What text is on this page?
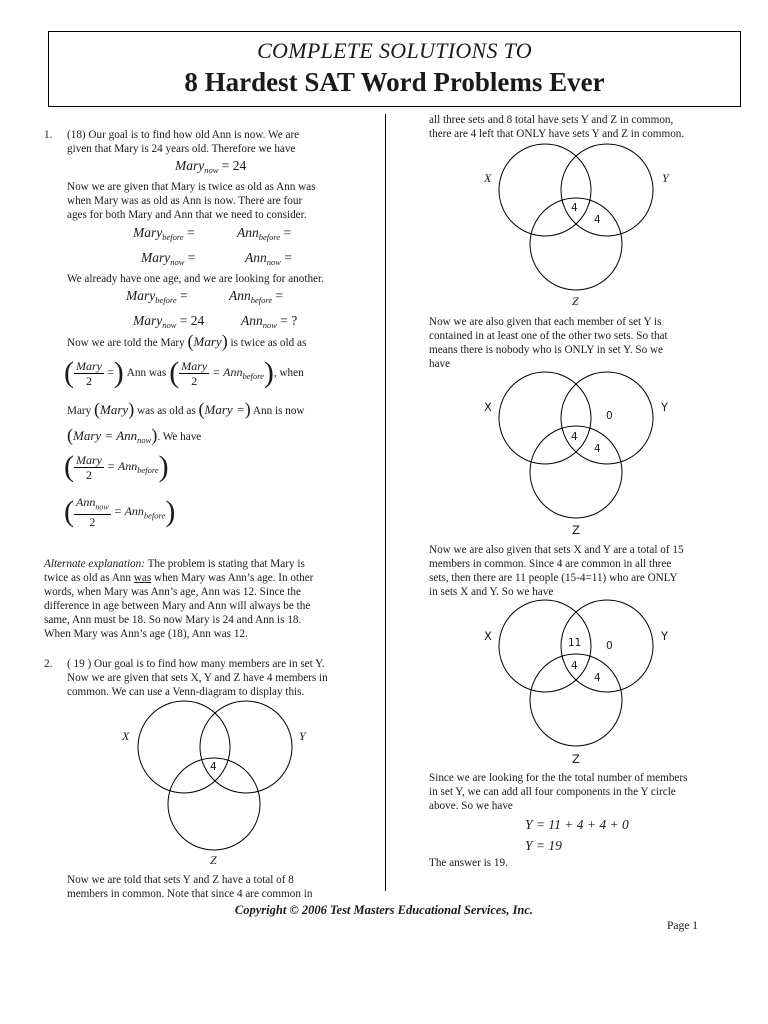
COMPLETE SOLUTIONS TO
8 Hardest SAT Word Problems Ever
1. (18) Our goal is to find how old Ann is now. We are
given that Mary is 24 years old. Therefore we have
Mary$_{now}$ = 24
Now we are given that Mary is twice as old as Ann was
when Mary was as old as Ann is now. There are four
ages for both Mary and Ann that we need to consider.
Mary$_{before}$ =	Ann$_{before}$ =
Mary$_{now}$ =	Ann$_{now}$ =
We already have one age, and we are looking for another.
Mary$_{before}$ =	Ann$_{before}$ =
Mary$_{now}$ = 24	Ann$_{now}$ = ?
Now we are told the Mary (Mary) is twice as old as
( $\frac{\text{Mary}}{2}$ =) Ann was ( $\frac{\text{Mary}}{2} = Ann_{before}$), when
Mary (Mary) was as old as (Mary =) Ann is now
(Mary = Ann$_{now}$). We have
( $\frac{\text{Mary}}{2} = Ann_{before}$)
( $\frac{Ann_{now}}{2} = Ann_{before}$)
Alternate explanation: The problem is stating that Mary is
twice as old as Ann was when Mary was Ann’s age. In other
words, when Mary was Ann’s age, Ann was 12. Since the
difference in age between Mary and Ann will always be the
same, Ann must be 18. So now Mary is 24 and Ann is 18.
When Mary was Ann’s age (18), Ann was 12.
2. ( 19 ) Our goal is to find how many members are in set Y.
Now we are given that sets X, Y and Z have 4 members in
common. We can use a Venn-diagram to display this.
X	Y
Z
4
Now we are told that sets Y and Z have a total of 8
members in common. Note that since 4 are common in
all three sets and 8 total have sets Y and Z in common,
there are 4 left that ONLY have sets Y and Z in common.
X	Y
Z
4
4
Now we are also given that each member of set Y is
contained in at least one of the other two sets. So that
means there is nobody who is ONLY in set Y. So we
have
X	Y
Z
0
4
4
Now we are also given that sets X and Y are a total of 15
members in common. Since 4 are common in all three
sets, then there are 11 people (15-4=11) who are ONLY
in sets X and Y. So we have
X	Y
Z
11 0
4
4
Since we are looking for the the total number of members
in set Y, we can add all four components in the Y circle
above. So we have
Y = 11 + 4 + 4 + 0
Y = 19
The answer is 19.
Copyright © 2006 Test Masters Educational Services, Inc.
Page 1
